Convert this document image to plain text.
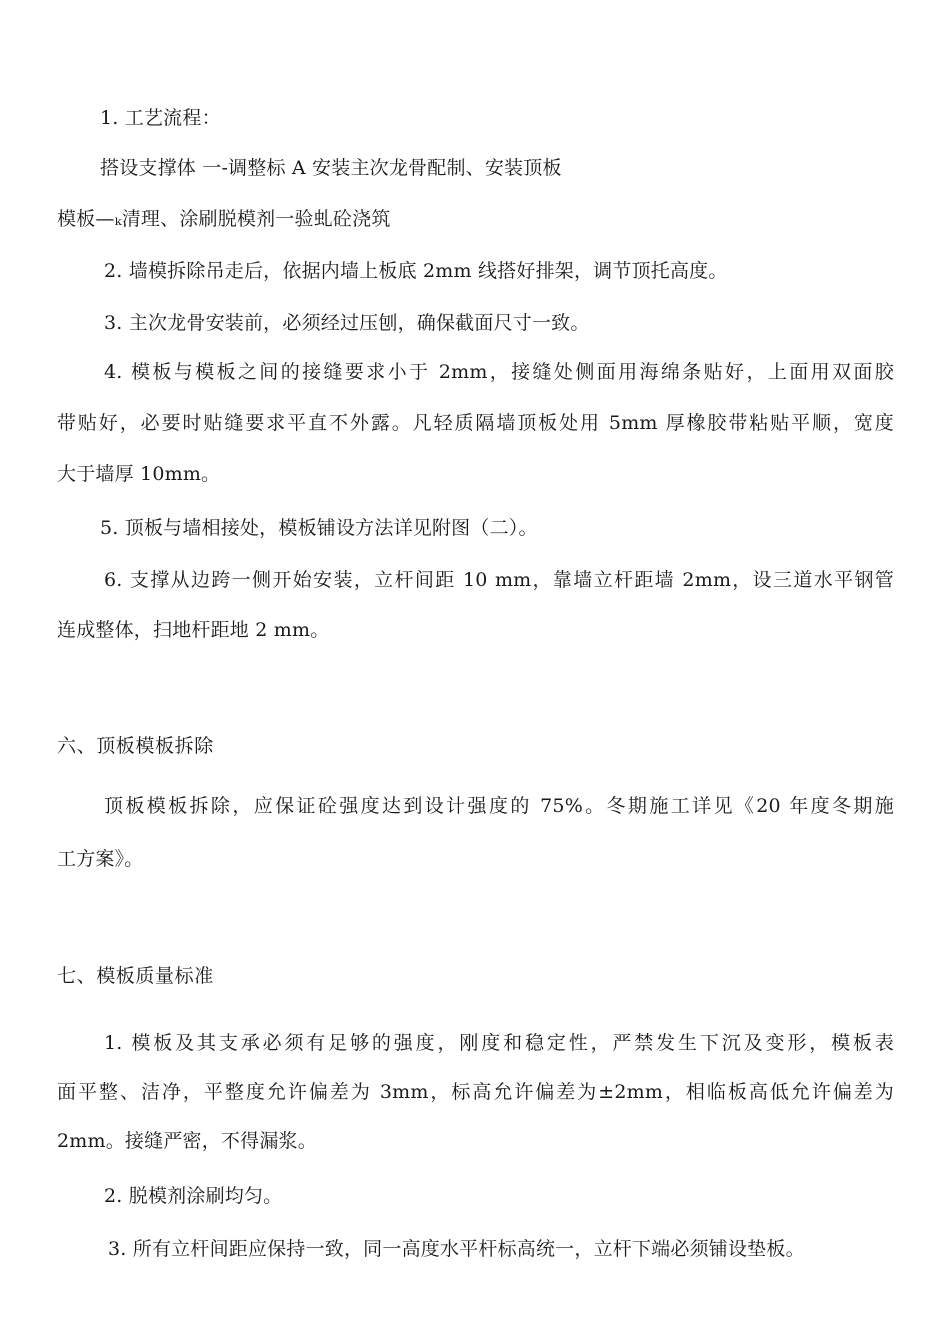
1. 工艺流程：
搭设支撑体 一-调整标 A 安装主次龙骨配制、安装顶板
模板—ₖ清理、涂刷脱模剂一验虬砼浇筑
2. 墙模拆除吊走后，依据内墙上板底 2mm 线搭好排架，调节顶托高度。
3. 主次龙骨安装前，必须经过压刨，确保截面尺寸一致。
4. 模板与模板之间的接缝要求小于 2mm，接缝处侧面用海绵条贴好，上面用双面胶
带贴好，必要时贴缝要求平直不外露。凡轻质隔墙顶板处用 5mm 厚橡胶带粘贴平顺，宽度
大于墙厚 10mm。
5. 顶板与墙相接处，模板铺设方法详见附图（二）。
6. 支撑从边跨一侧开始安装，立杆间距 10 mm，靠墙立杆距墙 2mm，设三道水平钢管
连成整体，扫地杆距地 2 mm。
六、顶板模板拆除
顶板模板拆除，应保证砼强度达到设计强度的 75%。冬期施工详见《20 年度冬期施
工方案》。
七、模板质量标准
1. 模板及其支承必须有足够的强度，刚度和稳定性，严禁发生下沉及变形，模板表
面平整、洁净，平整度允许偏差为 3mm，标高允许偏差为±2mm，相临板高低允许偏差为
2mm。接缝严密，不得漏浆。
2. 脱模剂涂刷均匀。
3. 所有立杆间距应保持一致，同一高度水平杆标高统一，立杆下端必须铺设垫板。
